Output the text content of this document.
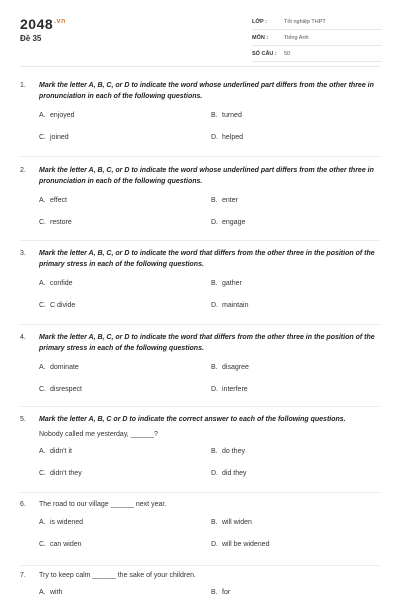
$2048^{.vn}$
Đề 35
LỚP :	Tốt nghiệp THPT
MÔN :	Tiếng Anh
SỐ CÂU :	50
1.	Mark the letter A, B, C, or D to indicate the word whose underlined part differs from the other three in pronunciation in each of the following questions.
A. enjoyed	B. turned
C. joined	D. helped
2.	Mark the letter A, B, C, or D to indicate the word whose underlined part differs from the other three in pronunciation in each of the following questions.
A. effect	B. enter
C. restore	D. engage
3.	Mark the letter A, B, C, or D to indicate the word that differs from the other three in the position of the primary stress in each of the following questions.
A. confide	B. gather
C. C divide	D. maintain
4.	Mark the letter A, B, C, or D to indicate the word that differs from the other three in the position of the primary stress in each of the following questions.
A. dominate	B. disagree
C. disrespect	D. interfere
5.	Mark the letter A, B, C or D to indicate the correct answer to each of the following questions.
Nobody called me yesterday, ______?
A. didn't it	B. do they
C. didn't they	D. did they
6.	The road to our village ______ next year.
A. is widened	B. will widen
C. can widen	D. will be widened
7.	Try to keep calm ______ the sake of your children.
A. with	B. for
